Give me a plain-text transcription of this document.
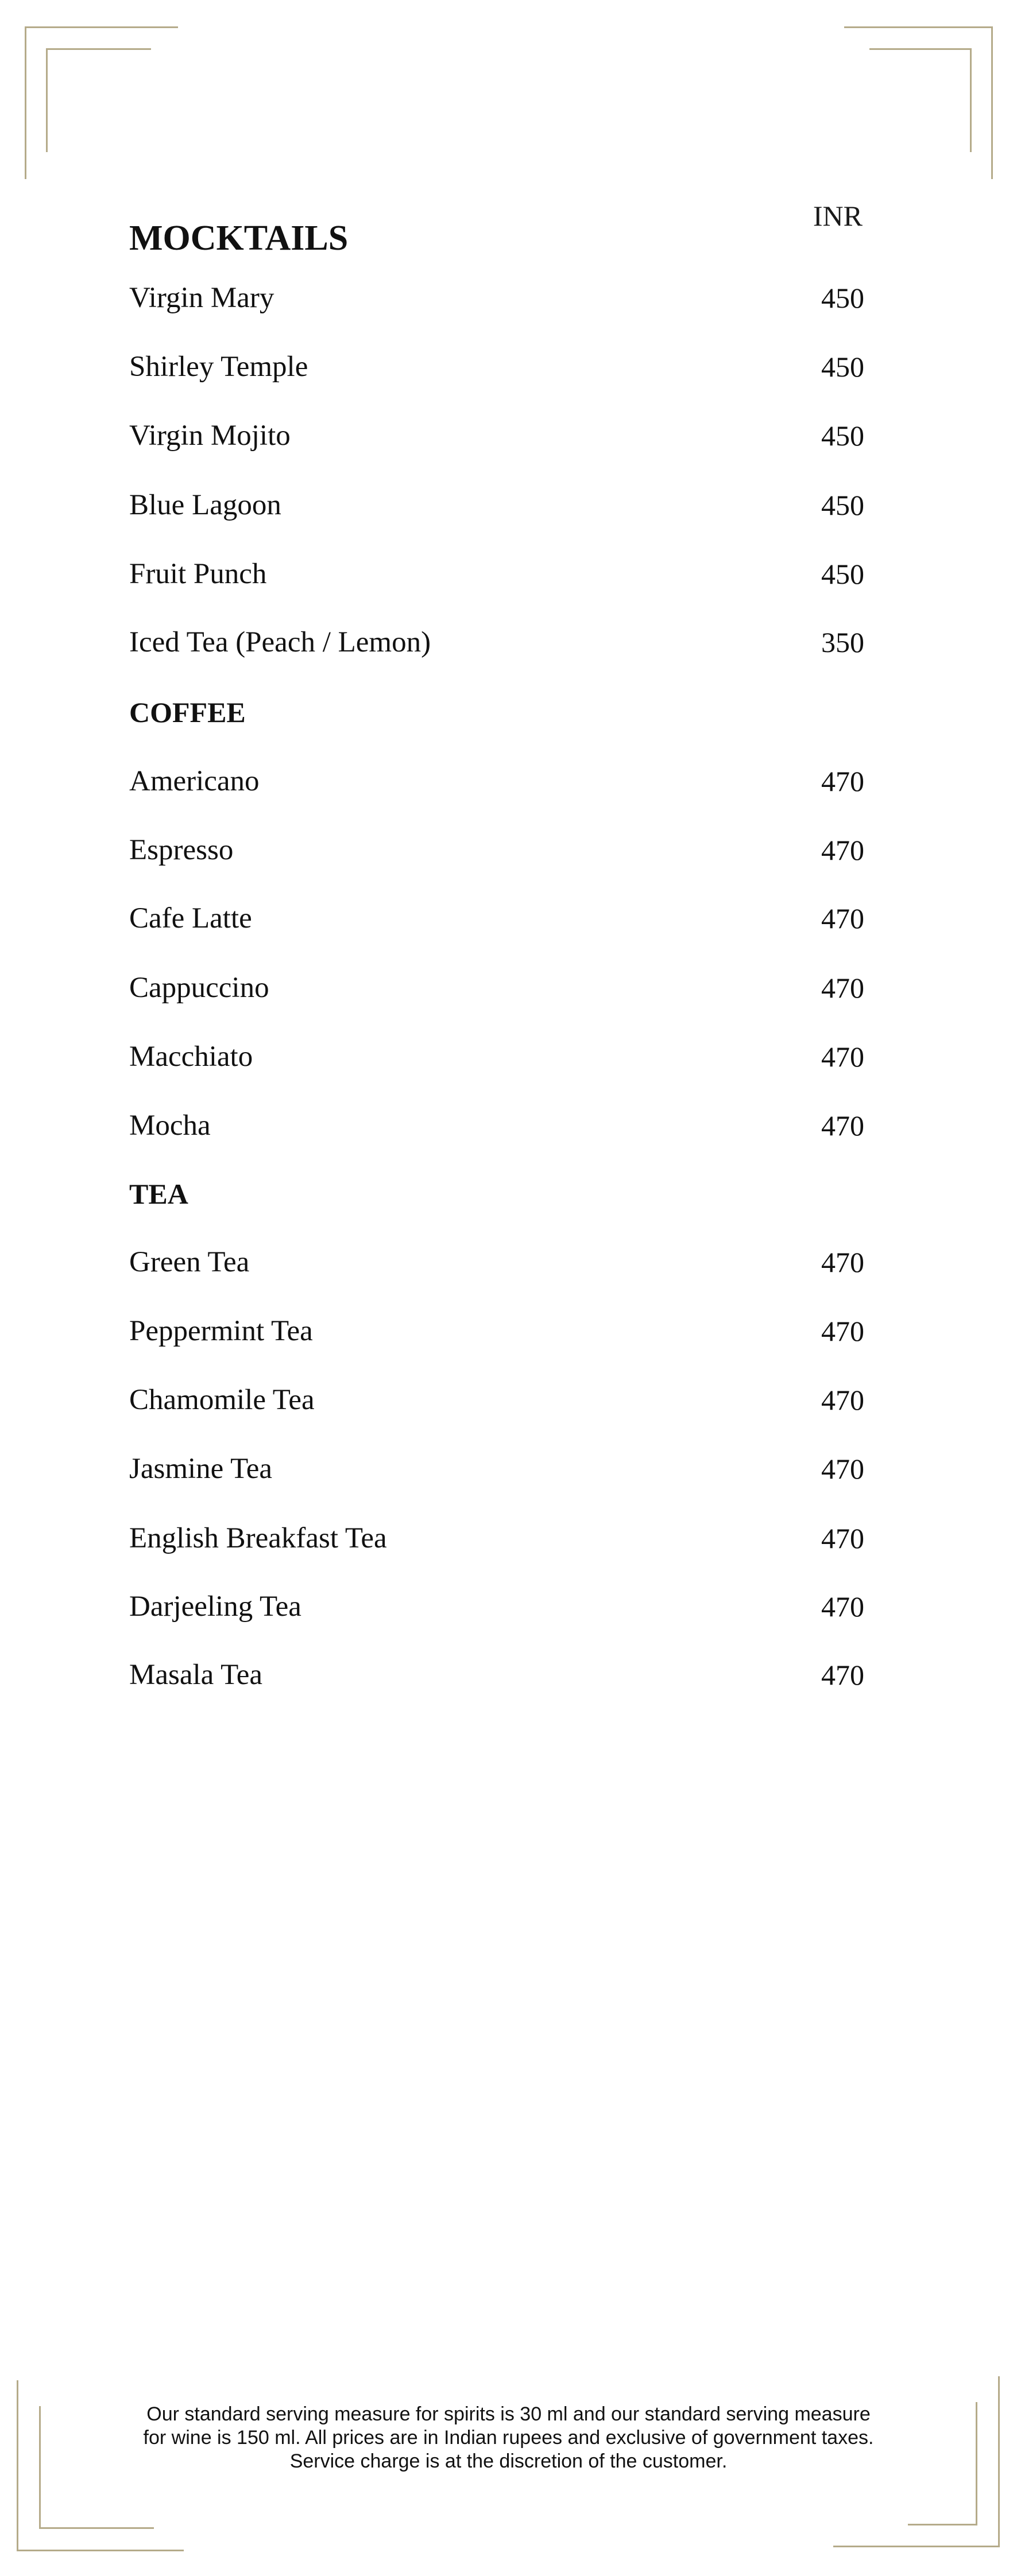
INR
MOCKTAILS
Virgin Mary	450
Shirley Temple	450
Virgin Mojito	450
Blue Lagoon	450
Fruit Punch	450
Iced Tea (Peach / Lemon)	350
COFFEE
Americano	470
Espresso	470
Cafe Latte	470
Cappuccino	470
Macchiato	470
Mocha	470
TEA
Green Tea	470
Peppermint Tea	470
Chamomile Tea	470
Jasmine Tea	470
English Breakfast Tea	470
Darjeeling Tea	470
Masala Tea	470

Our standard serving measure for spirits is 30 ml and our standard serving measure

for wine is 150 ml. All prices are in Indian rupees and exclusive of government taxes.

Service charge is at the discretion of the customer.
